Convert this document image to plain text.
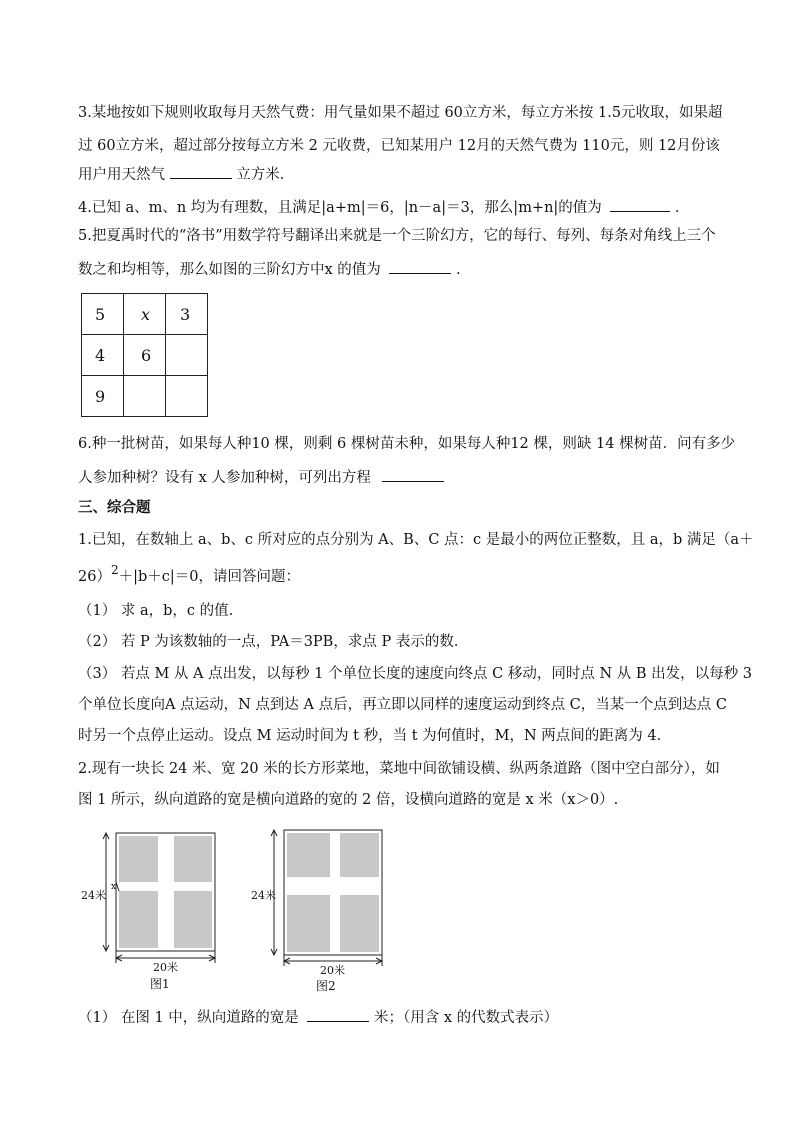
3.某地按如下规则收取每月天然气费：用气量如果不超过 60立方米，每立方米按 1.5元收取，如果超
过 60立方米，超过部分按每立方米 2 元收费，已知某用户 12月的天然气费为 110元，则 12月份该
用户用天然气	立方米．
4.已知 a、m、n 均为有理数，且满足|a+m|＝6，|n－a|＝3，那么|m+n|的值为	．
5.把夏禹时代的“洛书”用数学符号翻译出来就是一个三阶幻方，它的每行、每列、每条对角线上三个
数之和均相等，那么如图的三阶幻方中x 的值为	.
5	x	3
4	6	
9		
6.种一批树苗，如果每人种10 棵，则剩 6 棵树苗未种，如果每人种12 棵，则缺 14 棵树苗．问有多少
人参加种树？设有 x 人参加种树，可列出方程
三、综合题
1.已知，在数轴上 a、b、c 所对应的点分别为 A、B、C 点：c 是最小的两位正整数，且 a，b 满足（a＋
26）$^2$＋|b＋c|＝0，请回答问题：
（1） 求 a，b，c 的值.
（2） 若 P 为该数轴的一点，PA＝3PB，求点 P 表示的数．
（3） 若点 M 从 A 点出发，以每秒 1 个单位长度的速度向终点 C 移动，同时点 N 从 B 出发，以每秒 3
个单位长度向A 点运动，N 点到达 A 点后，再立即以同样的速度运动到终点 C，当某一个点到达点 C
时另一个点停止运动。设点 M 运动时间为 t 秒，当 t 为何值时，M，N 两点间的距离为 4．
2.现有一块长 24 米、宽 20 米的长方形菜地，菜地中间欲铺设横、纵两条道路（图中空白部分），如
图 1 所示，纵向道路的宽是横向道路的宽的 2 倍，设横向道路的宽是 x 米（x＞0）.
x
24米
20米
图1
24米
20米
图2
（1） 在图 1 中，纵向道路的宽是	米；（用含 x 的代数式表示）
